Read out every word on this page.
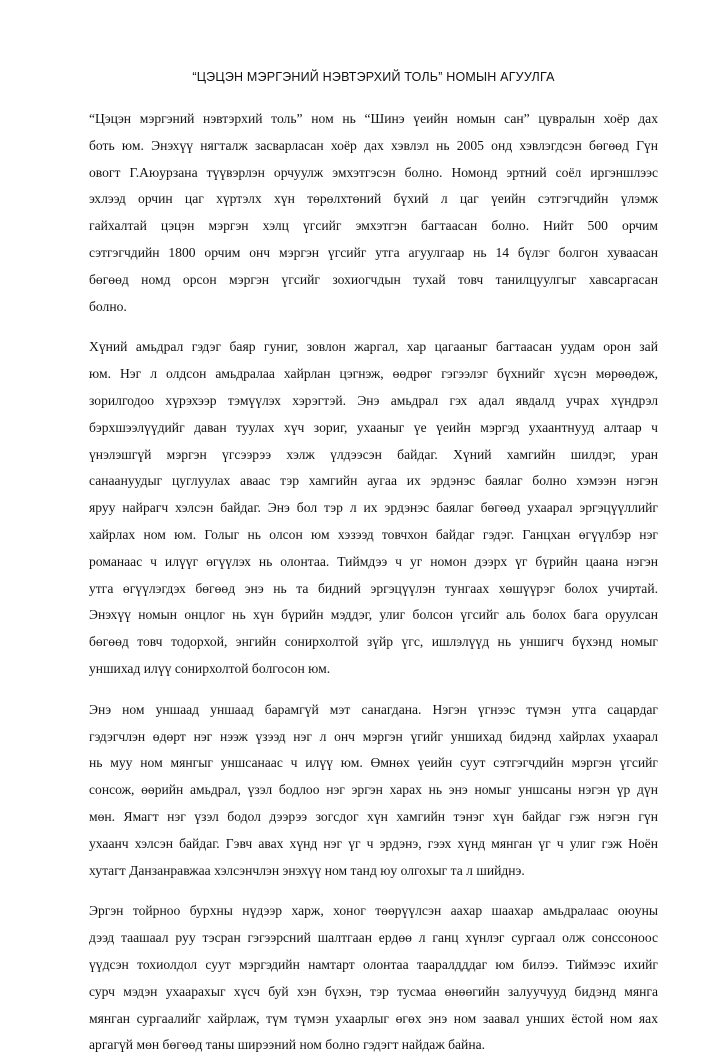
“ЦЭЦЭН МЭРГЭНИЙ НЭВТЭРХИЙ ТОЛЬ” НОМЫН АГУУЛГА
“Цэцэн мэргэний нэвтэрхий толь” ном нь “Шинэ үеийн номын сан” цувралын хоёр дах
боть юм. Энэхүү нягталж засварласан хоёр дах хэвлэл нь 2005 онд хэвлэгдсэн бөгөөд Гүн
овогт Г.Аюурзана түүвэрлэн орчуулж эмхэтгэсэн болно. Номонд эртний соёл иргэншлээс
эхлээд орчин цаг хүртэлх хүн төрөлхтөний бүхий л цаг үеийн сэтгэгчдийн үлэмж
гайхалтай цэцэн мэргэн хэлц үгсийг эмхэтгэн багтаасан болно. Нийт 500 орчим
сэтгэгчдийн 1800 орчим онч мэргэн үгсийг утга агуулгаар нь 14 бүлэг болгон хуваасан
бөгөөд номд орсон мэргэн үгсийг зохиогчдын тухай товч танилцуулгыг хавсаргасан
болно.
Хүний амьдрал гэдэг баяр гуниг, зовлон жаргал, хар цагааныг багтаасан уудам орон зай
юм. Нэг л олдсон амьдралаа хайрлан цэгнэж, өөдрөг гэгээлэг бүхнийг хүсэн мөрөөдөж,
зорилгодоо хүрэхээр тэмүүлэх хэрэгтэй. Энэ амьдрал гэх адал явдалд учрах хүндрэл
бэрхшээлүүдийг даван туулах хүч зориг, ухааныг үе үеийн мэргэд ухаантнууд алтаар ч
үнэлэшгүй мэргэн үгсээрээ хэлж үлдээсэн байдаг. Хүний хамгийн шилдэг, уран
санаануудыг цуглуулах аваас тэр хамгийн аугаа их эрдэнэс баялаг болно хэмээн нэгэн
яруу найрагч хэлсэн байдаг. Энэ бол тэр л их эрдэнэс баялаг бөгөөд ухаарал эргэцүүллийг
хайрлах ном юм. Голыг нь олсон юм хэзээд товчхон байдаг гэдэг. Ганцхан өгүүлбэр нэг
романаас ч илүүг өгүүлэх нь олонтаа. Тиймдээ ч уг номон дээрх үг бүрийн цаана нэгэн
утга өгүүлэгдэх бөгөөд энэ нь та бидний эргэцүүлэн тунгаах хөшүүрэг болох учиртай.
Энэхүү номын онцлог нь хүн бүрийн мэддэг, улиг болсон үгсийг аль болох бага оруулсан
бөгөөд товч тодорхой, энгийн сонирхолтой зүйр үгс, ишлэлүүд нь уншигч бүхэнд номыг
уншихад илүү сонирхолтой болгосон юм.
Энэ ном уншаад уншаад барамгүй мэт санагдана. Нэгэн үгнээс түмэн утга сацардаг
гэдэгчлэн өдөрт нэг нээж үзээд нэг л онч мэргэн үгийг уншихад бидэнд хайрлах ухаарал
нь муу ном мянгыг уншсанаас ч илүү юм. Өмнөх үеийн суут сэтгэгчдийн мэргэн үгсийг
сонсож, өөрийн амьдрал, үзэл бодлоо нэг эргэн харах нь энэ номыг уншсаны нэгэн үр дүн
мөн. Ямагт нэг үзэл бодол дээрээ зогсдог хүн хамгийн тэнэг хүн байдаг гэж нэгэн гүн
ухаанч хэлсэн байдаг. Гэвч авах хүнд нэг үг ч эрдэнэ, гээх хүнд мянган үг ч улиг гэж Ноён
хутагт Данзанравжаа хэлсэнчлэн энэхүү ном танд юу олгохыг та л шийднэ.
Эргэн тойрноо бурхны нүдээр харж, хоног төөрүүлсэн аахар шаахар амьдралаас оюуны
дээд таашаал руу тэсран гэгээрсний шалтгаан ердөө л ганц хүнлэг сургаал олж сонссоноос
үүдсэн тохиолдол суут мэргэдийн намтарт олонтаа тааралдддаг юм билээ. Тиймээс ихийг
сурч мэдэн ухаарахыг хүсч буй хэн бүхэн, тэр тусмаа өнөөгийн залуучууд бидэнд мянга
мянган сургаалийг хайрлаж, түм түмэн ухаарлыг өгөх энэ ном заавал унших ёстой ном яах
аргагүй мөн бөгөөд таны ширээний ном болно гэдэгт найдаж байна.
